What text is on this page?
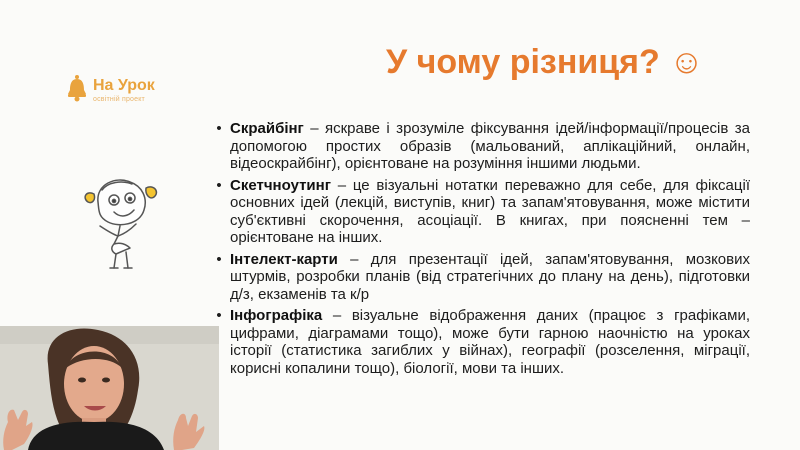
На Урок
освітній проект
У чому різниця? ☺
• Скрайбінг – яскраве і зрозуміле фіксування ідей/інформації/процесів за допомогою простих образів (мальований, аплікаційний, онлайн, відеоскрайбінг), орієнтоване на розуміння іншими людьми.
• Скетчноутинг – це візуальні нотатки переважно для себе, для фіксації основних ідей (лекцій, виступів, книг) та запам'ятовування, може містити суб'єктивні скорочення, асоціації. В книгах, при поясненні тем – орієнтоване на інших.
• Інтелект-карти – для презентації ідей, запам'ятовування, мозкових штурмів, розробки планів (від стратегічних до плану на день), підготовки д/з, екзаменів та к/р
• Інфографіка – візуальне відображення даних (працює з графіками, цифрами, діаграмами тощо), може бути гарною наочністю на уроках історії (статистика загиблих у війнах), географії (розселення, міграції, корисні копалини тощо), біології, мови та інших.
